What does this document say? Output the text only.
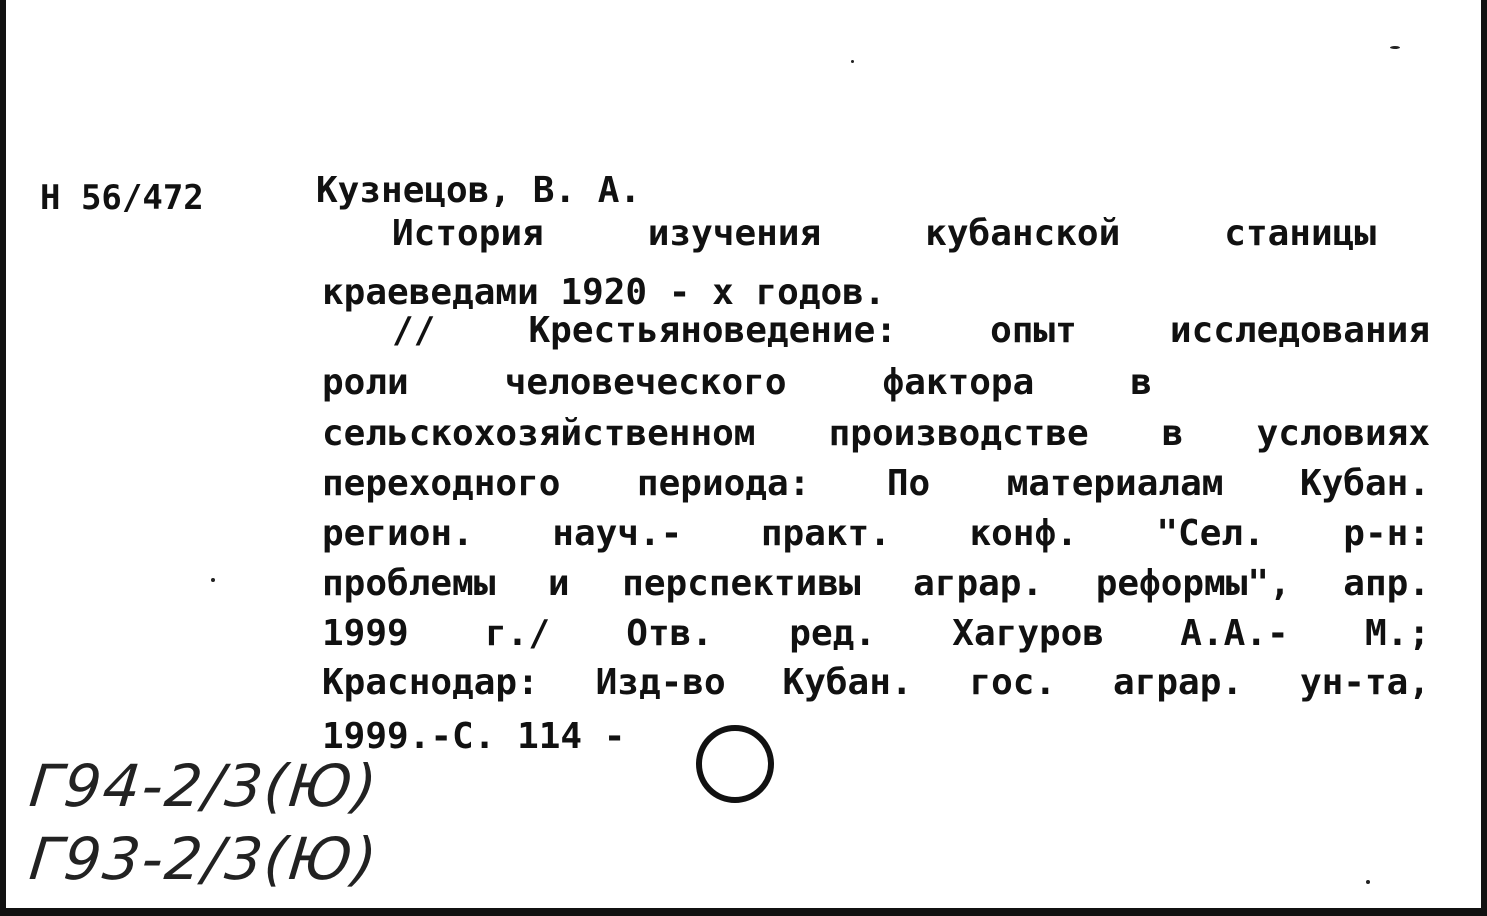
Н 56/472	Кузнецов, В. А.
История изучения кубанской станицы
краеведами 1920 - х годов.
// Крестьяноведение: опыт исследования
роли человеческого фактора в
сельскохозяйственном производстве в условиях
переходного периода: По материалам Кубан.
регион. науч.- практ. конф. "Сел. р-н:
проблемы и перспективы аграр. реформы", апр.
1999 г./ Отв. ред. Хагуров А.А.- М.;
Краснодар: Изд-во Кубан. гос. аграр. ун-та,
1999.-С. 114 -
Г94-2/3(Ю)
Г93-2/3(Ю)
